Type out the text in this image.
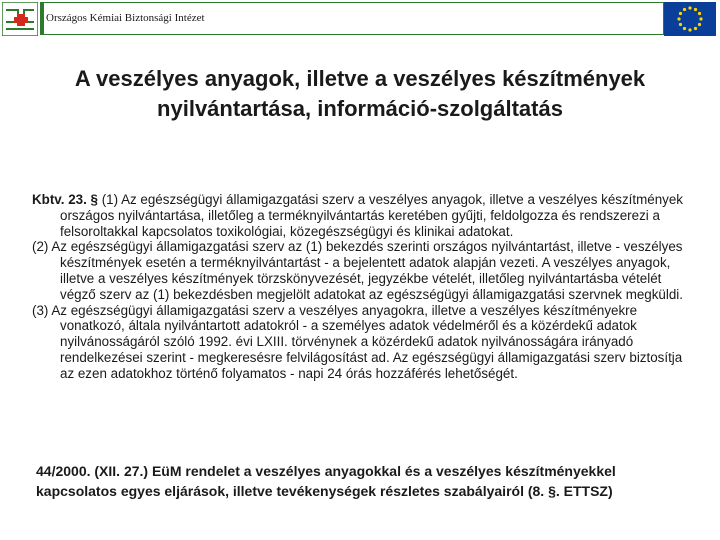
Országos Kémiai Biztonsági Intézet
A veszélyes anyagok, illetve a veszélyes készítmények nyilvántartása, információ-szolgáltatás

Kbtv. 23. § (1) Az egészségügyi államigazgatási szerv a veszélyes anyagok, illetve a veszélyes készítmények országos nyilvántartása, illetőleg a terméknyilvántartás keretében gyűjti, feldolgozza és rendszerezi a felsoroltakkal kapcsolatos toxikológiai, közegészségügyi és klinikai adatokat.

(2) Az egészségügyi államigazgatási szerv az (1) bekezdés szerinti országos nyilvántartást, illetve - veszélyes készítmények esetén a terméknyilvántartást - a bejelentett adatok alapján vezeti. A veszélyes anyagok, illetve a veszélyes készítmények törzskönyvezését, jegyzékbe vételét, illetőleg nyilvántartásba vételét végző szerv az (1) bekezdésben megjelölt adatokat az egészségügyi államigazgatási szervnek megküldi.

(3) Az egészségügyi államigazgatási szerv a veszélyes anyagokra, illetve a veszélyes készítményekre vonatkozó, általa nyilvántartott adatokról - a személyes adatok védelméről és a közérdekű adatok nyilvánosságáról szóló 1992. évi LXIII. törvénynek a közérdekű adatok nyilvánosságára irányadó rendelkezései szerint - megkeresésre felvilágosítást ad. Az egészségügyi államigazgatási szerv biztosítja az ezen adatokhoz történő folyamatos - napi 24 órás hozzáférés lehetőségét.

44/2000. (XII. 27.) EüM rendelet a veszélyes anyagokkal és a veszélyes készítményekkel kapcsolatos egyes eljárások, illetve tevékenységek részletes szabályairól (8. §. ETTSZ)
